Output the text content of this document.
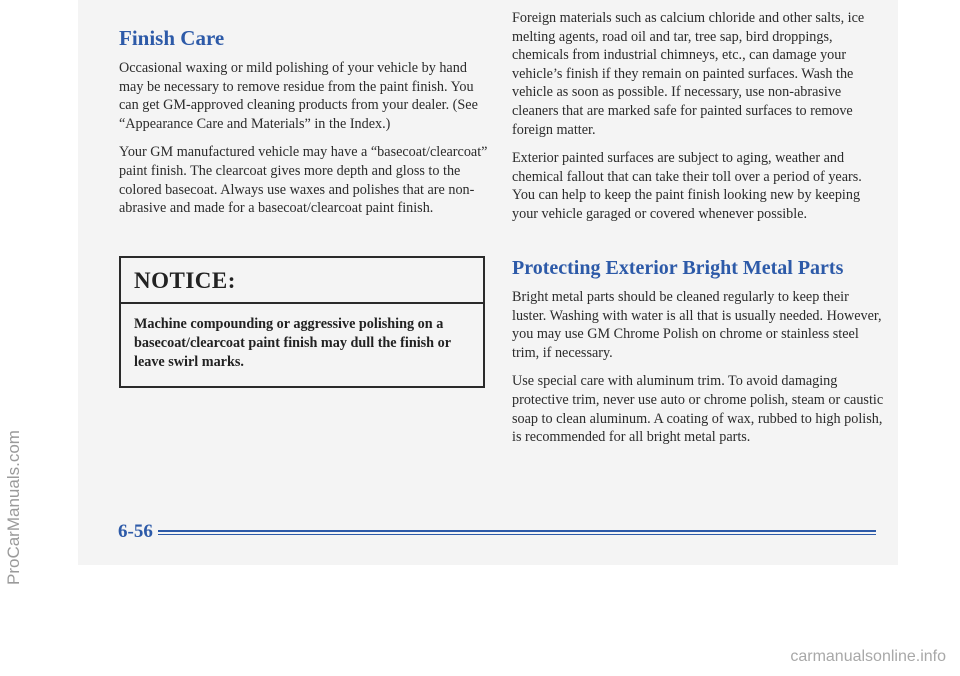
Finish Care

Occasional waxing or mild polishing of your vehicle by hand may be necessary to remove residue from the paint finish. You can get GM-approved cleaning products from your dealer. (See “Appearance Care and Materials” in the Index.)

Your GM manufactured vehicle may have a “basecoat/clearcoat” paint finish. The clearcoat gives more depth and gloss to the colored basecoat. Always use waxes and polishes that are non-abrasive and made for a basecoat/clearcoat paint finish.

NOTICE:

Machine compounding or aggressive polishing on a basecoat/clearcoat paint finish may dull the finish or leave swirl marks.

Foreign materials such as calcium chloride and other salts, ice melting agents, road oil and tar, tree sap, bird droppings, chemicals from industrial chimneys, etc., can damage your vehicle’s finish if they remain on painted surfaces. Wash the vehicle as soon as possible. If necessary, use non-abrasive cleaners that are marked safe for painted surfaces to remove foreign matter.

Exterior painted surfaces are subject to aging, weather and chemical fallout that can take their toll over a period of years. You can help to keep the paint finish looking new by keeping your vehicle garaged or covered whenever possible.

Protecting Exterior Bright Metal Parts

Bright metal parts should be cleaned regularly to keep their luster. Washing with water is all that is usually needed. However, you may use GM Chrome Polish on chrome or stainless steel trim, if necessary.

Use special care with aluminum trim. To avoid damaging protective trim, never use auto or chrome polish, steam or caustic soap to clean aluminum. A coating of wax, rubbed to high polish, is recommended for all bright metal parts.

6-56
ProCarManuals.com
carmanualsonline.info
